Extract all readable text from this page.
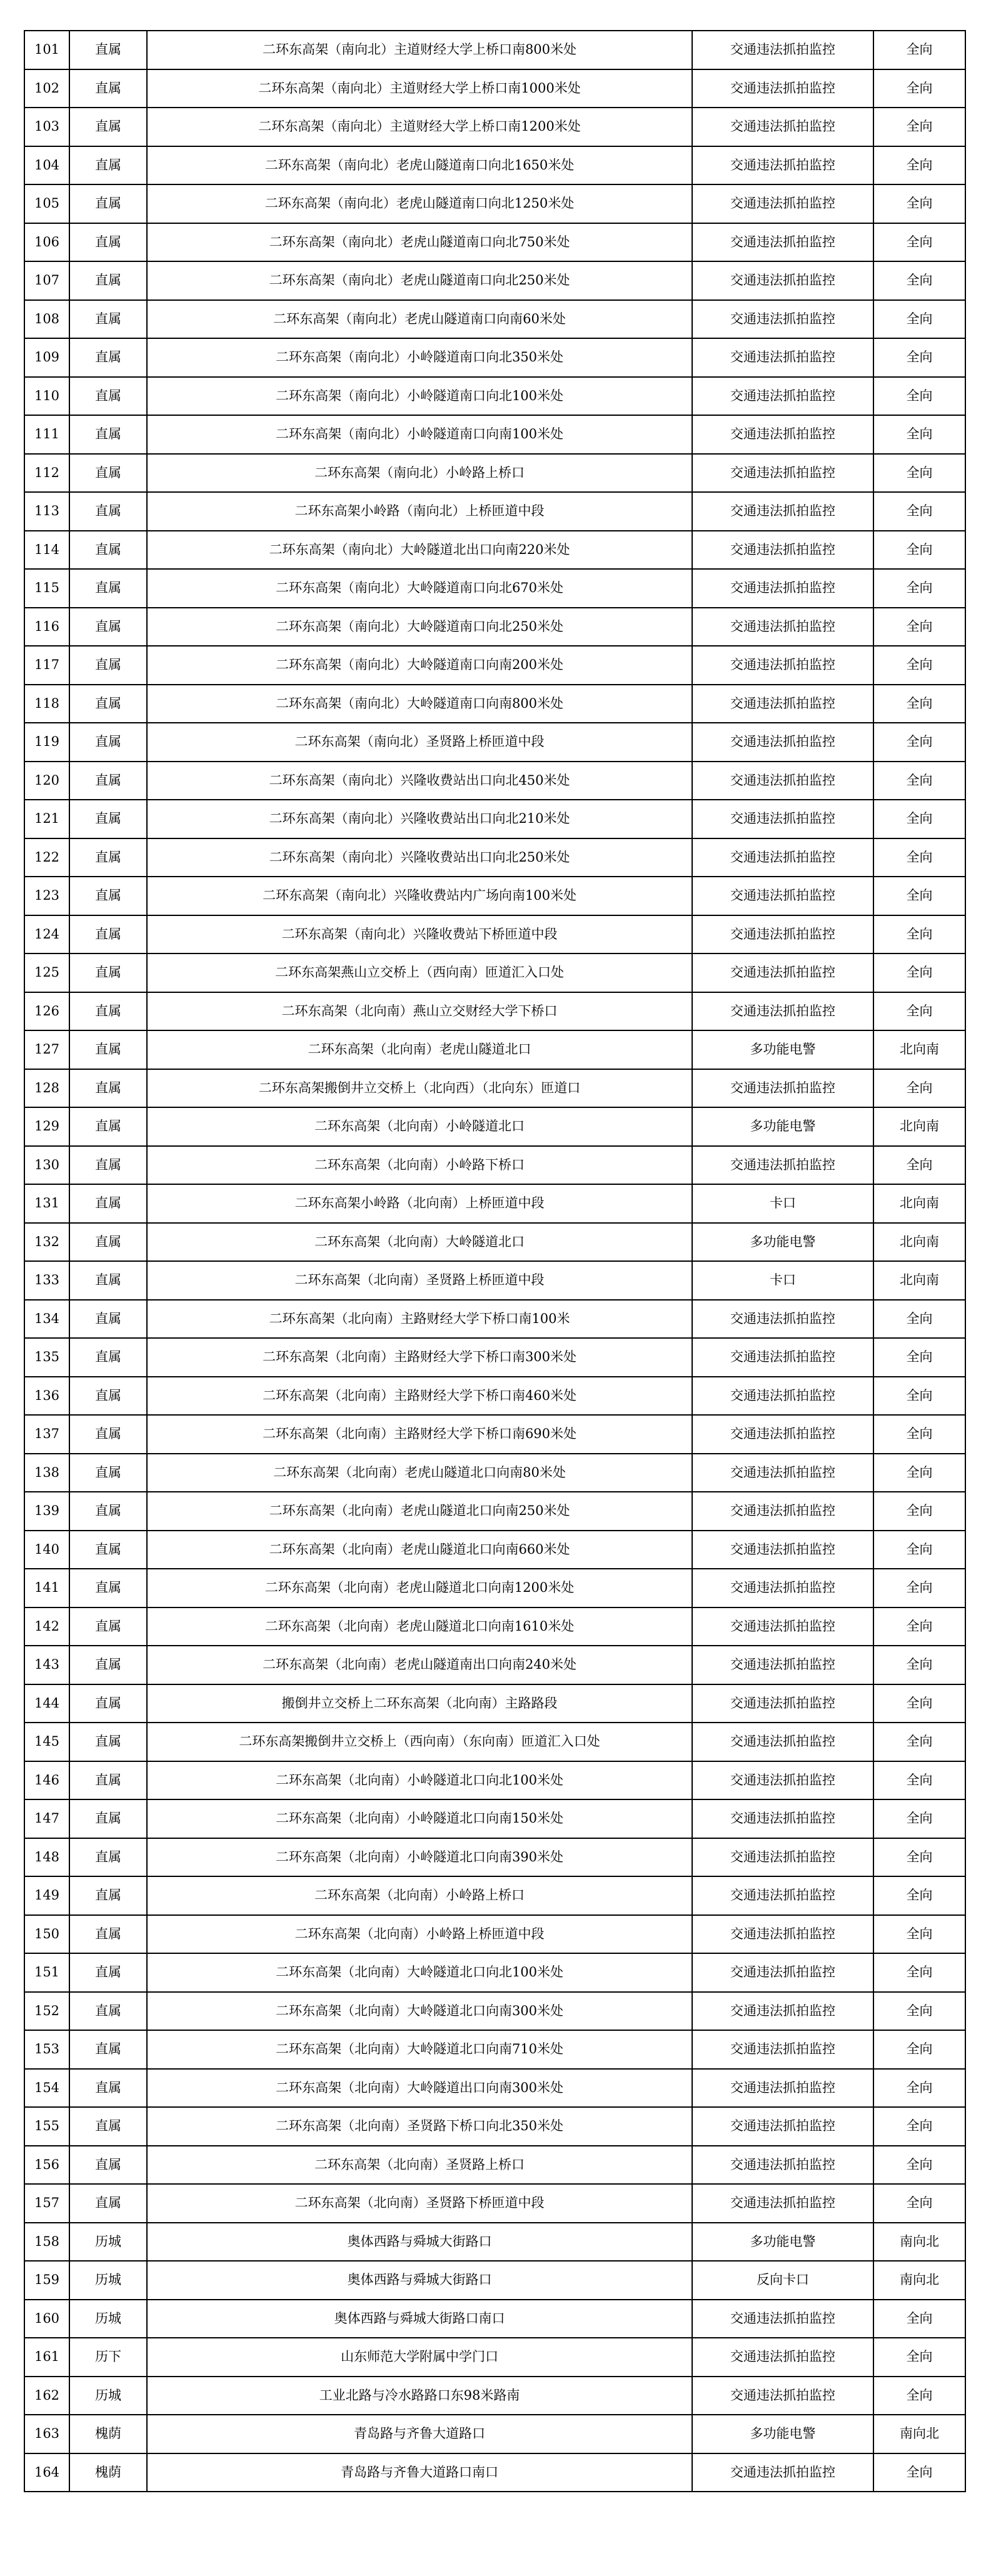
101	直属	二环东高架（南向北）主道财经大学上桥口南800米处	交通违法抓拍监控	全向
102	直属	二环东高架（南向北）主道财经大学上桥口南1000米处	交通违法抓拍监控	全向
103	直属	二环东高架（南向北）主道财经大学上桥口南1200米处	交通违法抓拍监控	全向
104	直属	二环东高架（南向北）老虎山隧道南口向北1650米处	交通违法抓拍监控	全向
105	直属	二环东高架（南向北）老虎山隧道南口向北1250米处	交通违法抓拍监控	全向
106	直属	二环东高架（南向北）老虎山隧道南口向北750米处	交通违法抓拍监控	全向
107	直属	二环东高架（南向北）老虎山隧道南口向北250米处	交通违法抓拍监控	全向
108	直属	二环东高架（南向北）老虎山隧道南口向南60米处	交通违法抓拍监控	全向
109	直属	二环东高架（南向北）小岭隧道南口向北350米处	交通违法抓拍监控	全向
110	直属	二环东高架（南向北）小岭隧道南口向北100米处	交通违法抓拍监控	全向
111	直属	二环东高架（南向北）小岭隧道南口向南100米处	交通违法抓拍监控	全向
112	直属	二环东高架（南向北）小岭路上桥口	交通违法抓拍监控	全向
113	直属	二环东高架小岭路（南向北）上桥匝道中段	交通违法抓拍监控	全向
114	直属	二环东高架（南向北）大岭隧道北出口向南220米处	交通违法抓拍监控	全向
115	直属	二环东高架（南向北）大岭隧道南口向北670米处	交通违法抓拍监控	全向
116	直属	二环东高架（南向北）大岭隧道南口向北250米处	交通违法抓拍监控	全向
117	直属	二环东高架（南向北）大岭隧道南口向南200米处	交通违法抓拍监控	全向
118	直属	二环东高架（南向北）大岭隧道南口向南800米处	交通违法抓拍监控	全向
119	直属	二环东高架（南向北）圣贤路上桥匝道中段	交通违法抓拍监控	全向
120	直属	二环东高架（南向北）兴隆收费站出口向北450米处	交通违法抓拍监控	全向
121	直属	二环东高架（南向北）兴隆收费站出口向北210米处	交通违法抓拍监控	全向
122	直属	二环东高架（南向北）兴隆收费站出口向北250米处	交通违法抓拍监控	全向
123	直属	二环东高架（南向北）兴隆收费站内广场向南100米处	交通违法抓拍监控	全向
124	直属	二环东高架（南向北）兴隆收费站下桥匝道中段	交通违法抓拍监控	全向
125	直属	二环东高架燕山立交桥上（西向南）匝道汇入口处	交通违法抓拍监控	全向
126	直属	二环东高架（北向南）燕山立交财经大学下桥口	交通违法抓拍监控	全向
127	直属	二环东高架（北向南）老虎山隧道北口	多功能电警	北向南
128	直属	二环东高架搬倒井立交桥上（北向西）（北向东）匝道口	交通违法抓拍监控	全向
129	直属	二环东高架（北向南）小岭隧道北口	多功能电警	北向南
130	直属	二环东高架（北向南）小岭路下桥口	交通违法抓拍监控	全向
131	直属	二环东高架小岭路（北向南）上桥匝道中段	卡口	北向南
132	直属	二环东高架（北向南）大岭隧道北口	多功能电警	北向南
133	直属	二环东高架（北向南）圣贤路上桥匝道中段	卡口	北向南
134	直属	二环东高架（北向南）主路财经大学下桥口南100米	交通违法抓拍监控	全向
135	直属	二环东高架（北向南）主路财经大学下桥口南300米处	交通违法抓拍监控	全向
136	直属	二环东高架（北向南）主路财经大学下桥口南460米处	交通违法抓拍监控	全向
137	直属	二环东高架（北向南）主路财经大学下桥口南690米处	交通违法抓拍监控	全向
138	直属	二环东高架（北向南）老虎山隧道北口向南80米处	交通违法抓拍监控	全向
139	直属	二环东高架（北向南）老虎山隧道北口向南250米处	交通违法抓拍监控	全向
140	直属	二环东高架（北向南）老虎山隧道北口向南660米处	交通违法抓拍监控	全向
141	直属	二环东高架（北向南）老虎山隧道北口向南1200米处	交通违法抓拍监控	全向
142	直属	二环东高架（北向南）老虎山隧道北口向南1610米处	交通违法抓拍监控	全向
143	直属	二环东高架（北向南）老虎山隧道南出口向南240米处	交通违法抓拍监控	全向
144	直属	搬倒井立交桥上二环东高架（北向南）主路路段	交通违法抓拍监控	全向
145	直属	二环东高架搬倒井立交桥上（西向南）（东向南）匝道汇入口处	交通违法抓拍监控	全向
146	直属	二环东高架（北向南）小岭隧道北口向北100米处	交通违法抓拍监控	全向
147	直属	二环东高架（北向南）小岭隧道北口向南150米处	交通违法抓拍监控	全向
148	直属	二环东高架（北向南）小岭隧道北口向南390米处	交通违法抓拍监控	全向
149	直属	二环东高架（北向南）小岭路上桥口	交通违法抓拍监控	全向
150	直属	二环东高架（北向南）小岭路上桥匝道中段	交通违法抓拍监控	全向
151	直属	二环东高架（北向南）大岭隧道北口向北100米处	交通违法抓拍监控	全向
152	直属	二环东高架（北向南）大岭隧道北口向南300米处	交通违法抓拍监控	全向
153	直属	二环东高架（北向南）大岭隧道北口向南710米处	交通违法抓拍监控	全向
154	直属	二环东高架（北向南）大岭隧道出口向南300米处	交通违法抓拍监控	全向
155	直属	二环东高架（北向南）圣贤路下桥口向北350米处	交通违法抓拍监控	全向
156	直属	二环东高架（北向南）圣贤路上桥口	交通违法抓拍监控	全向
157	直属	二环东高架（北向南）圣贤路下桥匝道中段	交通违法抓拍监控	全向
158	历城	奥体西路与舜城大街路口	多功能电警	南向北
159	历城	奥体西路与舜城大街路口	反向卡口	南向北
160	历城	奥体西路与舜城大街路口南口	交通违法抓拍监控	全向
161	历下	山东师范大学附属中学门口	交通违法抓拍监控	全向
162	历城	工业北路与冷水路路口东98米路南	交通违法抓拍监控	全向
163	槐荫	青岛路与齐鲁大道路口	多功能电警	南向北
164	槐荫	青岛路与齐鲁大道路口南口	交通违法抓拍监控	全向
